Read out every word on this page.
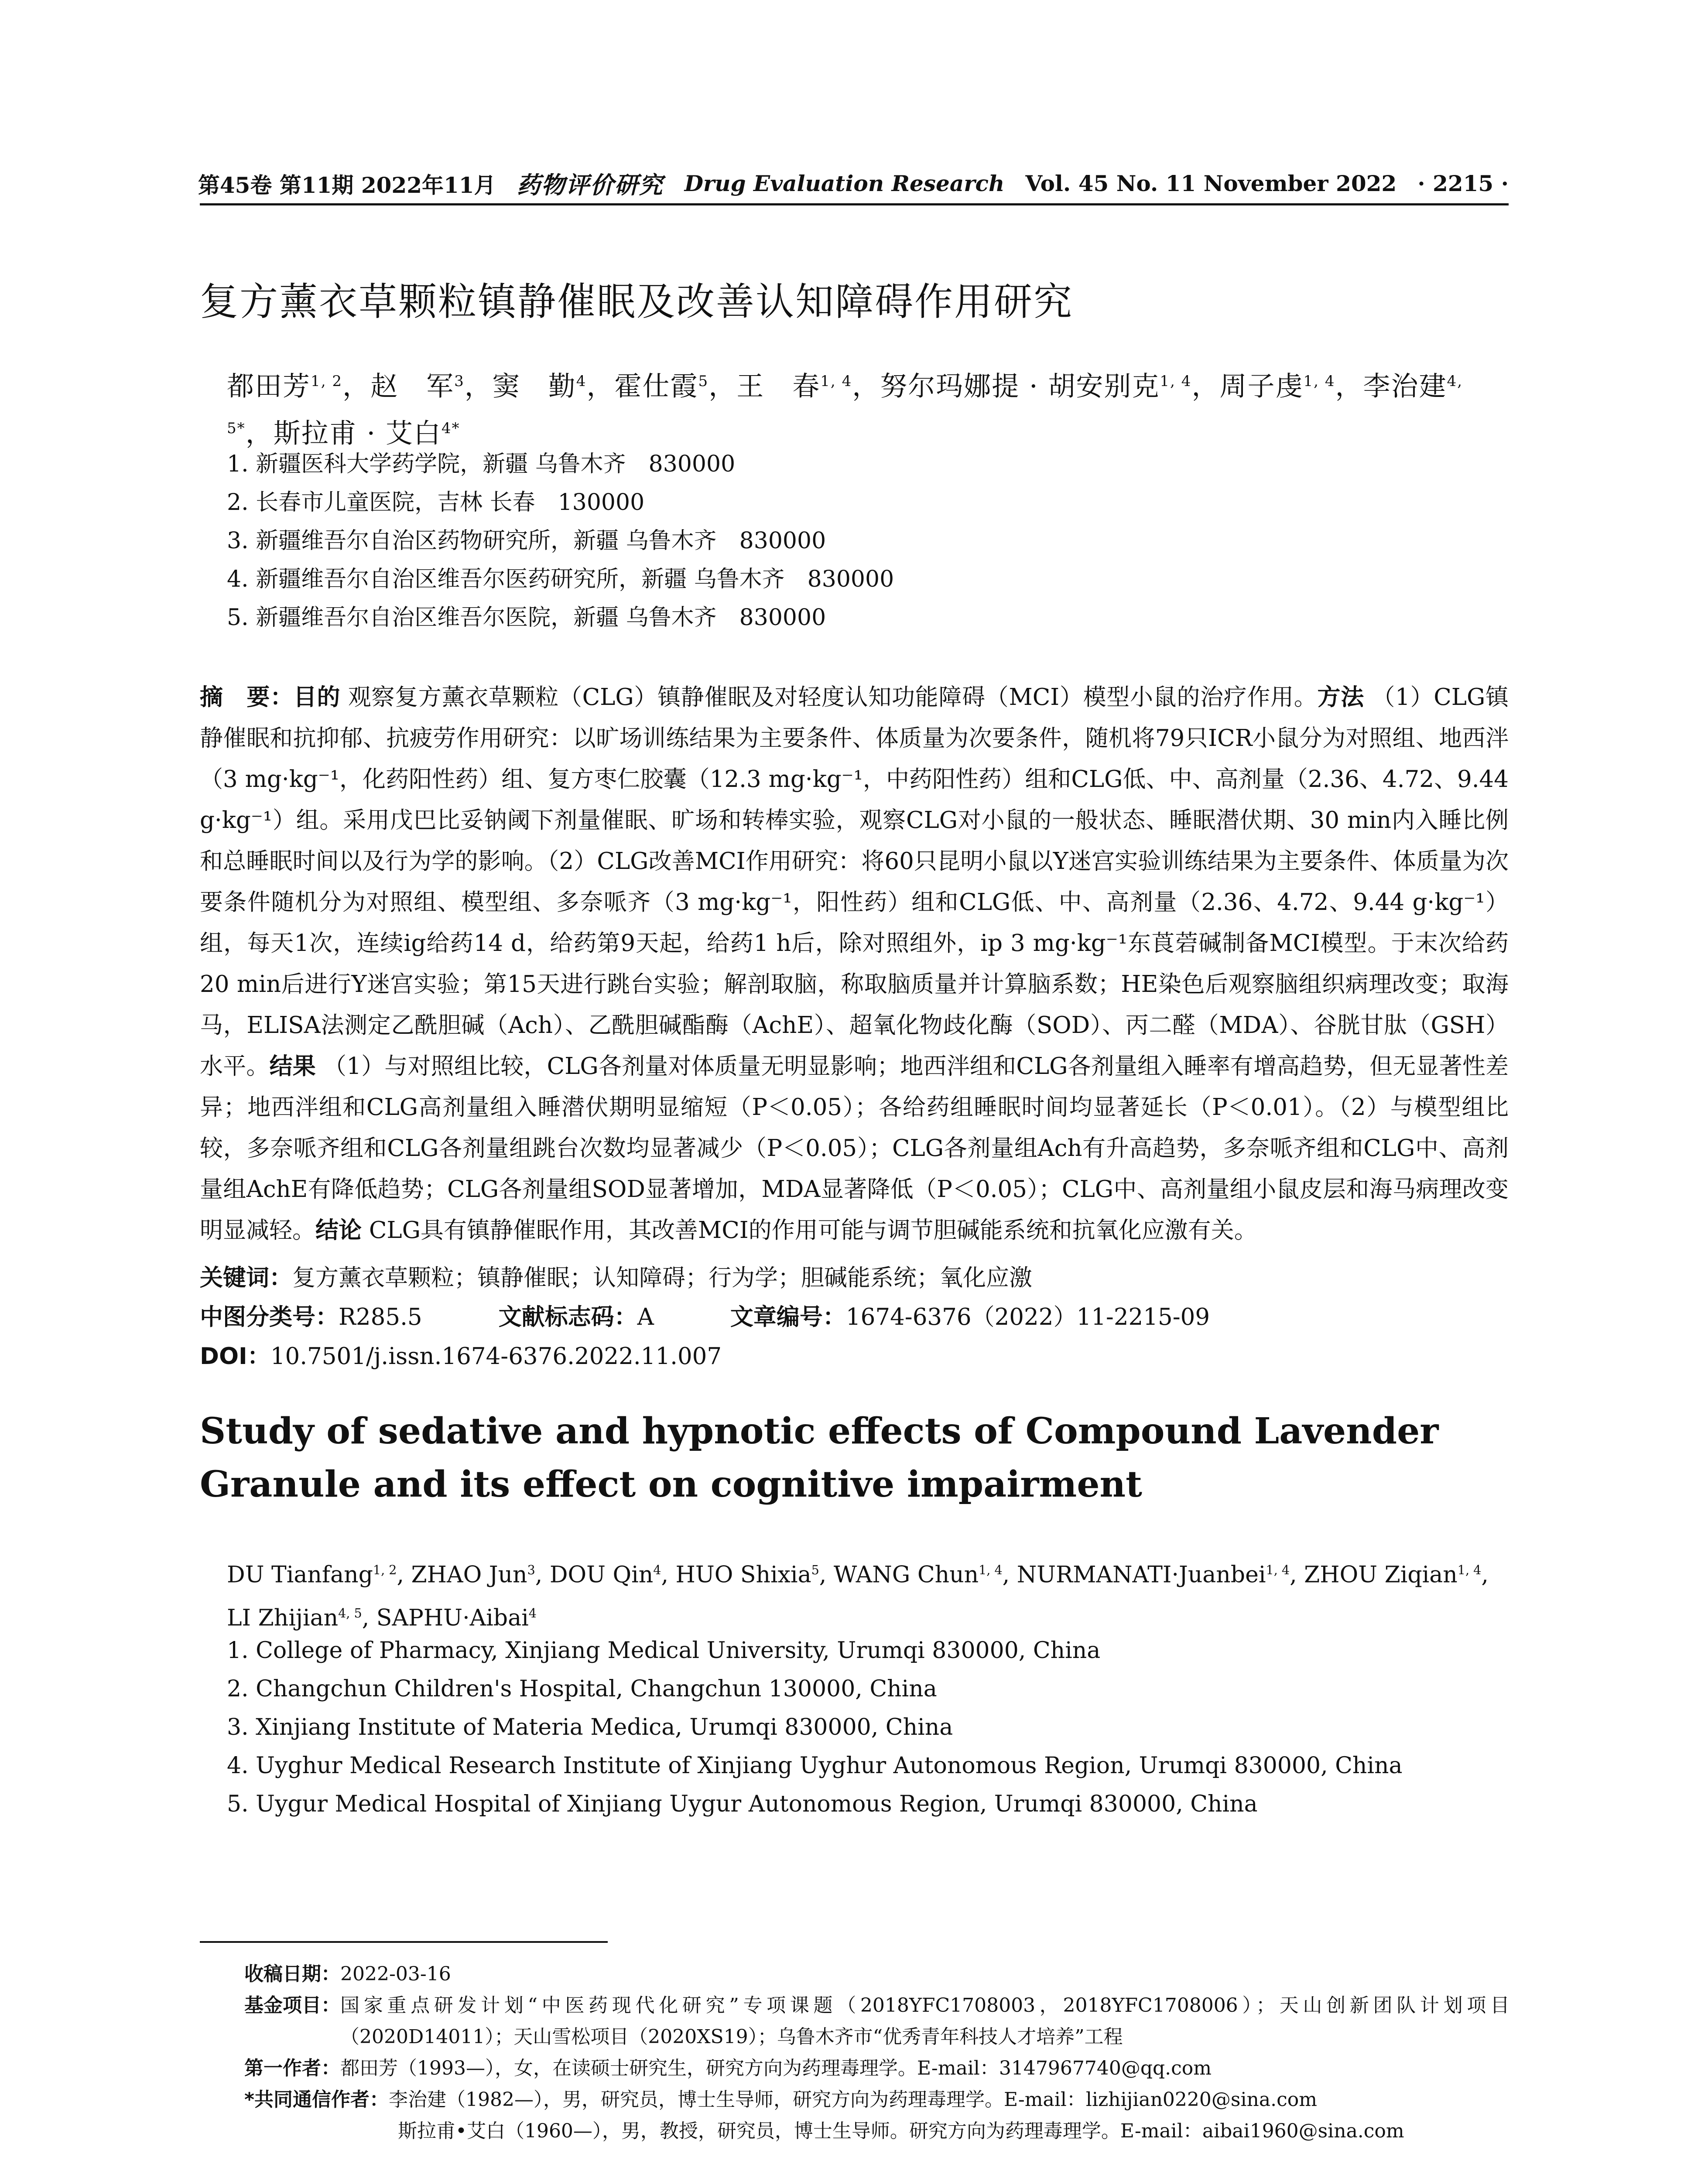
第45卷 第11期 2022年11月 药物评价研究 Drug Evaluation Research Vol. 45 No. 11 November 2022 · 2215 ·
复方薰衣草颗粒镇静催眠及改善认知障碍作用研究
都田芳$^{1, 2}$，赵　军$^3$，窦　勤$^4$，霍仕霞$^5$，王　春$^{1, 4}$，努尔玛娜提 · 胡安别克$^{1, 4}$，周子虔$^{1, 4}$，李治建$^{4, 5*}$，斯拉甫 · 艾白$^{4*}$
1. 新疆医科大学药学院，新疆 乌鲁木齐　830000
2. 长春市儿童医院，吉林 长春　130000
3. 新疆维吾尔自治区药物研究所，新疆 乌鲁木齐　830000
4. 新疆维吾尔自治区维吾尔医药研究所，新疆 乌鲁木齐　830000
5. 新疆维吾尔自治区维吾尔医院，新疆 乌鲁木齐　830000

摘　要：目的 观察复方薰衣草颗粒（CLG）镇静催眠及对轻度认知功能障碍（MCI）模型小鼠的治疗作用。方法 （1）CLG镇静催眠和抗抑郁、抗疲劳作用研究：以旷场训练结果为主要条件、体质量为次要条件，随机将79只ICR小鼠分为对照组、地西泮（3 mg·kg⁻¹，化药阳性药）组、复方枣仁胶囊（12.3 mg·kg⁻¹，中药阳性药）组和CLG低、中、高剂量（2.36、4.72、9.44 g·kg⁻¹）组。采用戊巴比妥钠阈下剂量催眠、旷场和转棒实验，观察CLG对小鼠的一般状态、睡眠潜伏期、30 min内入睡比例和总睡眠时间以及行为学的影响。（2）CLG改善MCI作用研究：将60只昆明小鼠以Y迷宫实验训练结果为主要条件、体质量为次要条件随机分为对照组、模型组、多奈哌齐（3 mg·kg⁻¹，阳性药）组和CLG低、中、高剂量（2.36、4.72、9.44 g·kg⁻¹）组，每天1次，连续ig给药14 d，给药第9天起，给药1 h后，除对照组外，ip 3 mg·kg⁻¹东莨菪碱制备MCI模型。于末次给药20 min后进行Y迷宫实验；第15天进行跳台实验；解剖取脑，称取脑质量并计算脑系数；HE染色后观察脑组织病理改变；取海马，ELISA法测定乙酰胆碱（Ach）、乙酰胆碱酯酶（AchE）、超氧化物歧化酶（SOD）、丙二醛（MDA）、谷胱甘肽（GSH）水平。结果 （1）与对照组比较，CLG各剂量对体质量无明显影响；地西泮组和CLG各剂量组入睡率有增高趋势，但无显著性差异；地西泮组和CLG高剂量组入睡潜伏期明显缩短（P＜0.05）；各给药组睡眠时间均显著延长（P＜0.01）。（2）与模型组比较，多奈哌齐组和CLG各剂量组跳台次数均显著减少（P＜0.05）；CLG各剂量组Ach有升高趋势，多奈哌齐组和CLG中、高剂量组AchE有降低趋势；CLG各剂量组SOD显著增加，MDA显著降低（P＜0.05）；CLG中、高剂量组小鼠皮层和海马病理改变明显减轻。结论 CLG具有镇静催眠作用，其改善MCI的作用可能与调节胆碱能系统和抗氧化应激有关。

关键词：复方薰衣草颗粒；镇静催眠；认知障碍；行为学；胆碱能系统；氧化应激
中图分类号：R285.5	文献标志码：A	文章编号：1674-6376（2022）11-2215-09
DOI：10.7501/j.issn.1674-6376.2022.11.007

Study of sedative and hypnotic effects of Compound Lavender Granule and its effect on cognitive impairment

DU Tianfang$^{1, 2}$, ZHAO Jun$^3$, DOU Qin$^4$, HUO Shixia$^5$, WANG Chun$^{1, 4}$, NURMANATI·Juanbei$^{1, 4}$, ZHOU Ziqian$^{1, 4}$, LI Zhijian$^{4, 5}$, SAPHU·Aibai$^4$
1. College of Pharmacy, Xinjiang Medical University, Urumqi 830000, China
2. Changchun Children's Hospital, Changchun 130000, China
3. Xinjiang Institute of Materia Medica, Urumqi 830000, China
4. Uyghur Medical Research Institute of Xinjiang Uyghur Autonomous Region, Urumqi 830000, China
5. Uygur Medical Hospital of Xinjiang Uygur Autonomous Region, Urumqi 830000, China
收稿日期： 2022-03-16
基金项目： 国家重点研发计划“中医药现代化研究”专项课题（2018YFC1708003，2018YFC1708006）；天山创新团队计划项目（2020D14011）；天山雪松项目（2020XS19）；乌鲁木齐市“优秀青年科技人才培养”工程
第一作者： 都田芳（1993—），女，在读硕士研究生，研究方向为药理毒理学。E-mail：3147967740@qq.com
*共同通信作者： 李治建（1982—），男，研究员，博士生导师，研究方向为药理毒理学。E-mail：lizhijian0220@sina.com
斯拉甫•艾白（1960—），男，教授，研究员，博士生导师。研究方向为药理毒理学。E-mail：aibai1960@sina.com
